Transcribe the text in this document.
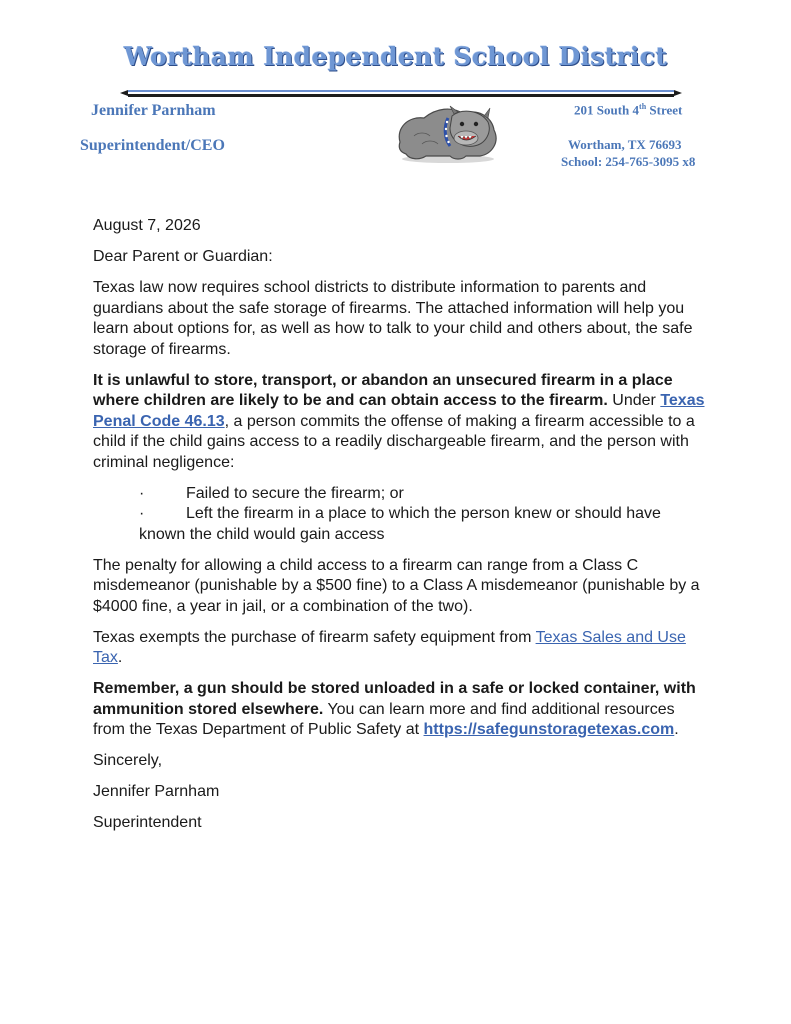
Wortham Independent School District
Jennifer Parnham
Superintendent/CEO
201 South 4th Street
Wortham, TX 76693
School: 254-765-3095 x8

August 7, 2026

Dear Parent or Guardian:

Texas law now requires school districts to distribute information to parents and guardians about the safe storage of firearms. The attached information will help you learn about options for, as well as how to talk to your child and others about, the safe storage of firearms.

It is unlawful to store, transport, or abandon an unsecured firearm in a place where children are likely to be and can obtain access to the firearm. Under Texas Penal Code 46.13, a person commits the offense of making a firearm accessible to a child if the child gains access to a readily dischargeable firearm, and the person with criminal negligence:

·	Failed to secure the firearm; or
·	Left the firearm in a place to which the person knew or should have known the child would gain access

The penalty for allowing a child access to a firearm can range from a Class C misdemeanor (punishable by a $500 fine) to a Class A misdemeanor (punishable by a $4000 fine, a year in jail, or a combination of the two).

Texas exempts the purchase of firearm safety equipment from Texas Sales and Use Tax.

Remember, a gun should be stored unloaded in a safe or locked container, with ammunition stored elsewhere. You can learn more and find additional resources from the Texas Department of Public Safety at https://safegunstoragetexas.com.

Sincerely,

Jennifer Parnham

Superintendent
